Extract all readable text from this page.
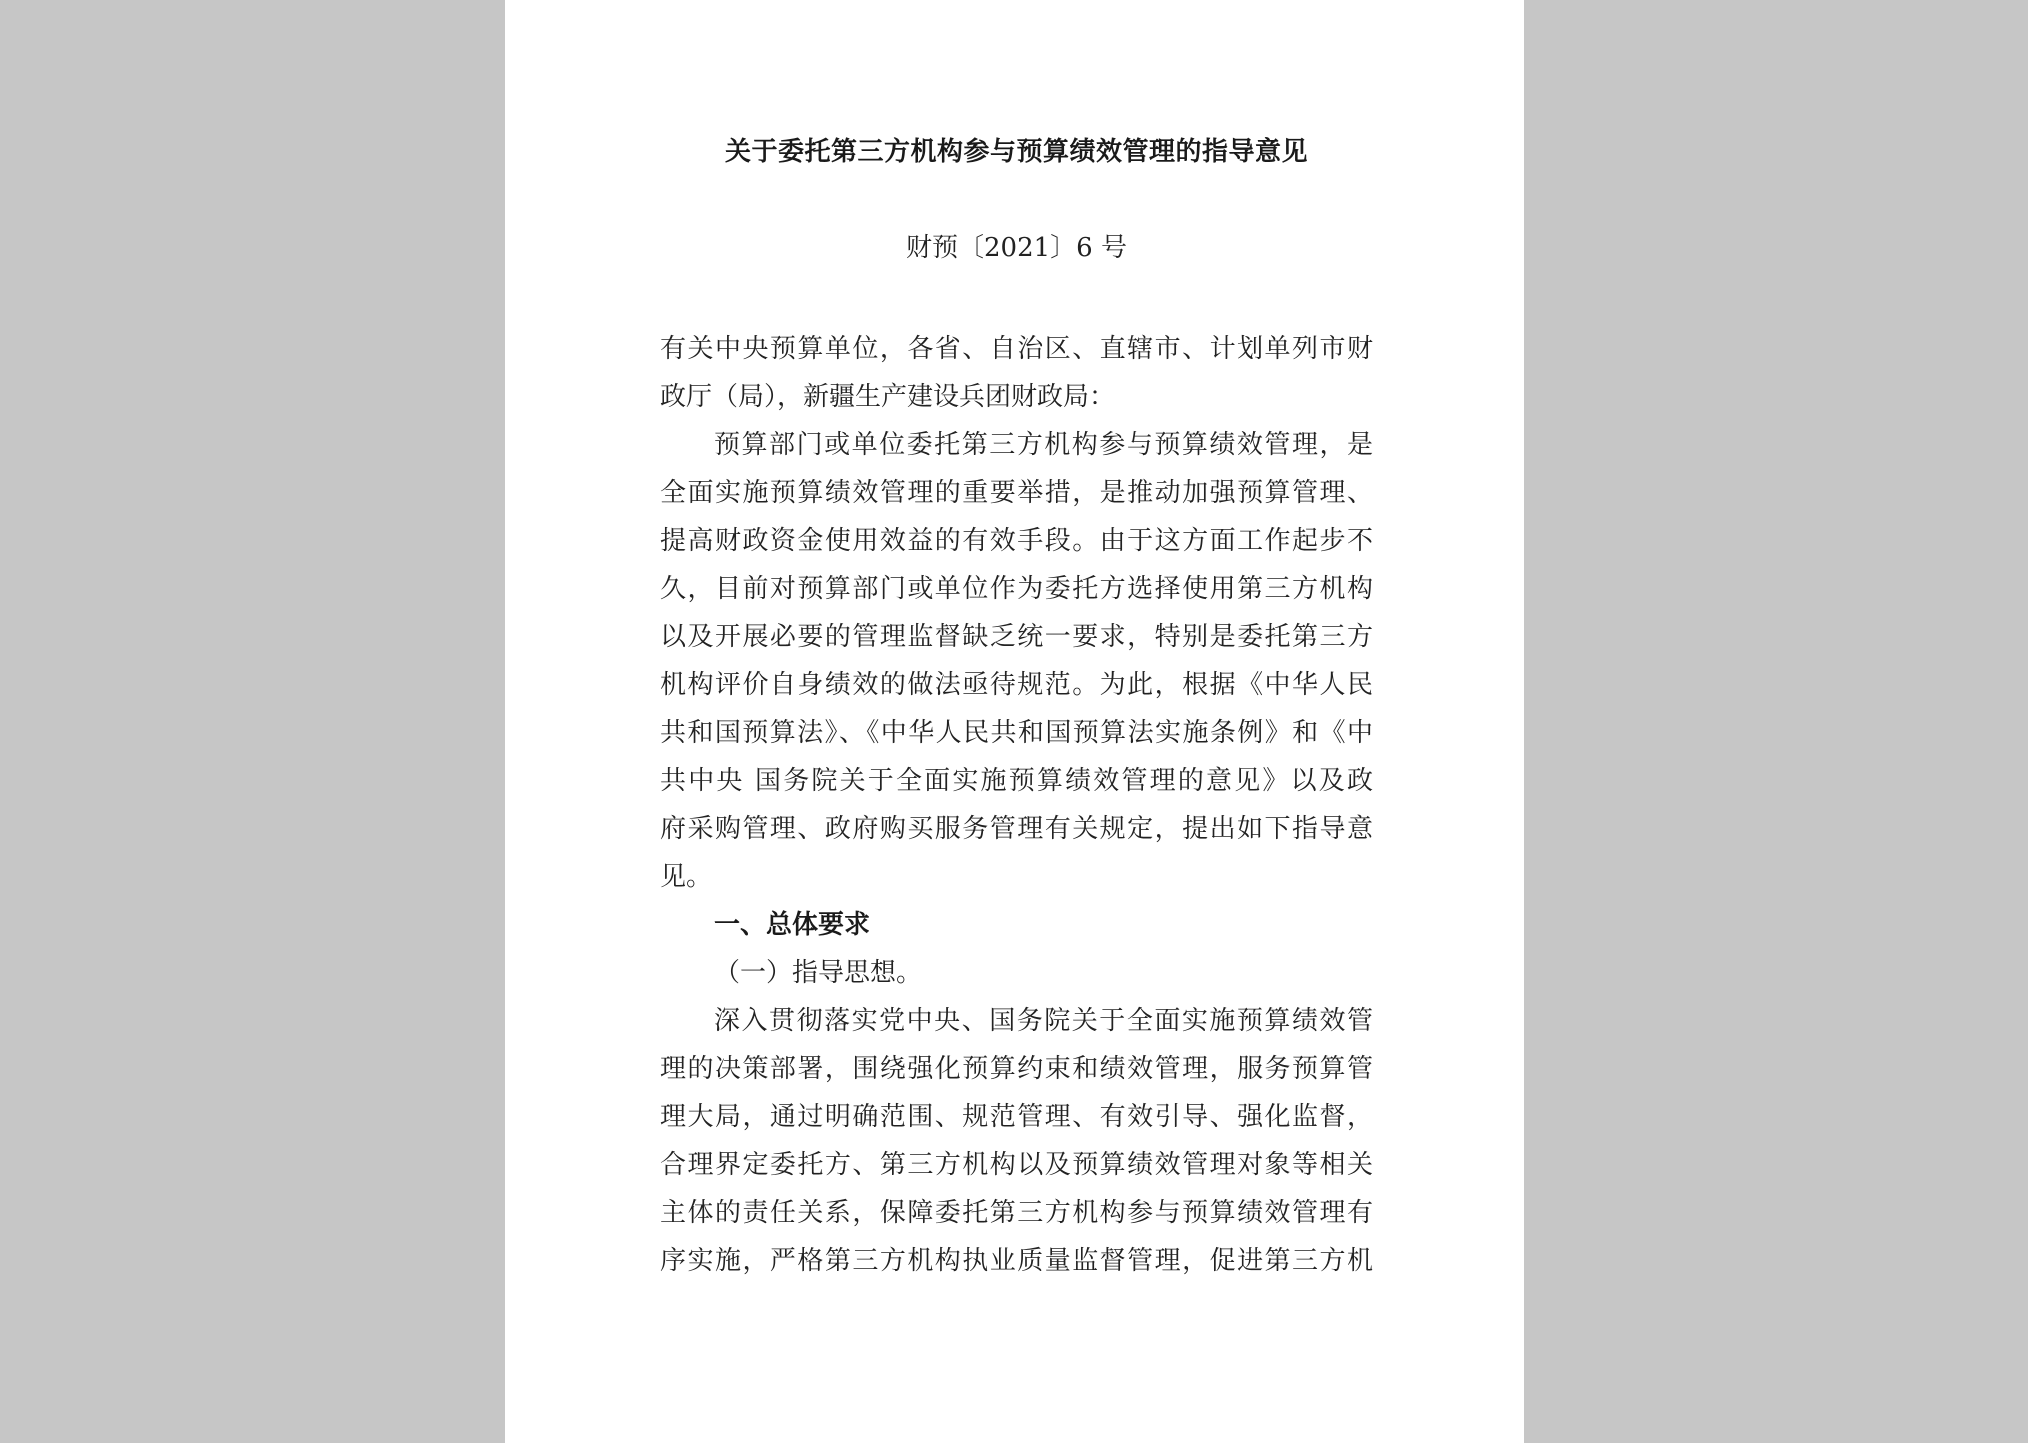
关于委托第三方机构参与预算绩效管理的指导意见
财预〔2021〕6 号
有关中央预算单位，各省、自治区、直辖市、计划单列市财
政厅（局），新疆生产建设兵团财政局：
预算部门或单位委托第三方机构参与预算绩效管理，是
全面实施预算绩效管理的重要举措，是推动加强预算管理、
提高财政资金使用效益的有效手段。由于这方面工作起步不
久，目前对预算部门或单位作为委托方选择使用第三方机构
以及开展必要的管理监督缺乏统一要求，特别是委托第三方
机构评价自身绩效的做法亟待规范。为此，根据《中华人民
共和国预算法》、《中华人民共和国预算法实施条例》和《中
共中央 国务院关于全面实施预算绩效管理的意见》以及政
府采购管理、政府购买服务管理有关规定，提出如下指导意
见。
一、总体要求
（一）指导思想。
深入贯彻落实党中央、国务院关于全面实施预算绩效管
理的决策部署，围绕强化预算约束和绩效管理，服务预算管
理大局，通过明确范围、规范管理、有效引导、强化监督，
合理界定委托方、第三方机构以及预算绩效管理对象等相关
主体的责任关系，保障委托第三方机构参与预算绩效管理有
序实施，严格第三方机构执业质量监督管理，促进第三方机
